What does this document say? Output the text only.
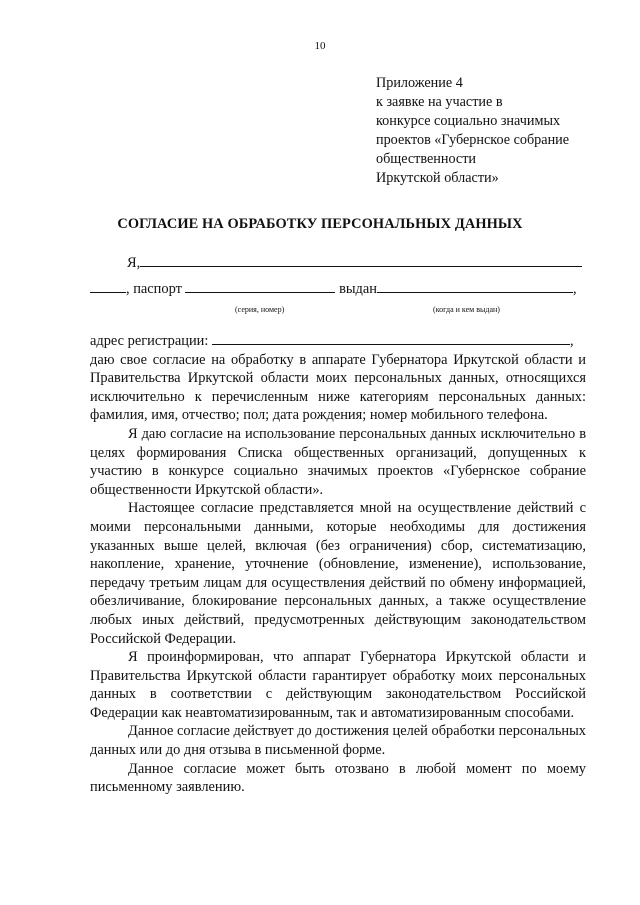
10
Приложение 4
к заявке на участие в
конкурсе социально значимых
проектов «Губернское собрание
общественности
Иркутской области»
СОГЛАСИЕ НА ОБРАБОТКУ ПЕРСОНАЛЬНЫХ ДАННЫХ
Я,
, паспорт	выдан	,
(серия, номер)	(когда и кем выдан)
адрес регистрации:	,

даю свое согласие на обработку в аппарате Губернатора Иркутской области и Правительства Иркутской области моих персональных данных, относящихся исключительно к перечисленным ниже категориям персональных данных: фамилия, имя, отчество; пол; дата рождения; номер мобильного телефона.

Я даю согласие на использование персональных данных исключительно в целях формирования Списка общественных организаций, допущенных к участию в конкурсе социально значимых проектов «Губернское собрание общественности Иркутской области».

Настоящее согласие представляется мной на осуществление действий с моими персональными данными, которые необходимы для достижения указанных выше целей, включая (без ограничения) сбор, систематизацию, накопление, хранение, уточнение (обновление, изменение), использование, передачу третьим лицам для осуществления действий по обмену информацией, обезличивание, блокирование персональных данных, а также осуществление любых иных действий, предусмотренных действующим законодательством Российской Федерации.

Я проинформирован, что аппарат Губернатора Иркутской области и Правительства Иркутской области гарантирует обработку моих персональных данных в соответствии с действующим законодательством Российской Федерации как неавтоматизированным, так и автоматизированным способами.

Данное согласие действует до достижения целей обработки персональных данных или до дня отзыва в письменной форме.

Данное согласие может быть отозвано в любой момент по моему письменному заявлению.
